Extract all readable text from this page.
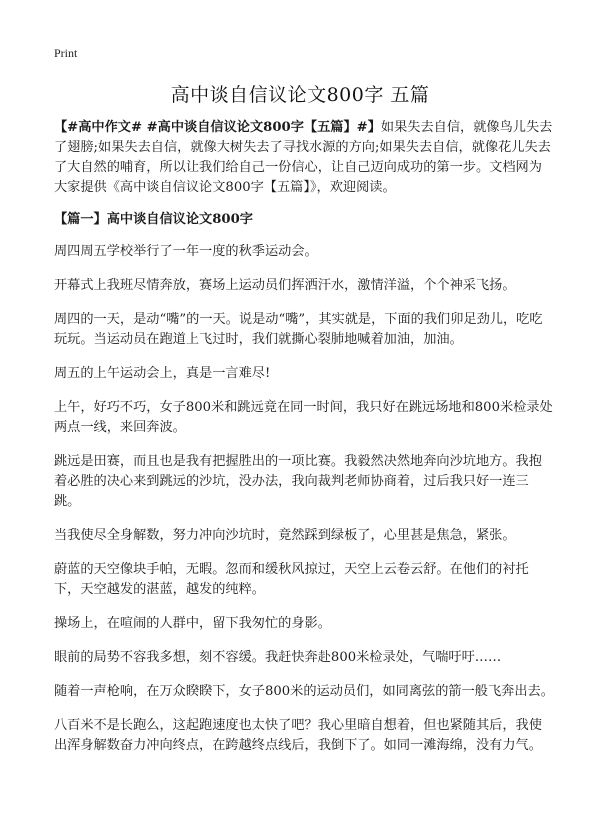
Print
高中谈自信议论文800字 五篇

【#高中作文# #高中谈自信议论文800字【五篇】#】如果失去自信，就像鸟儿失去了翅膀;如果失去自信，就像大树失去了寻找水源的方向;如果失去自信，就像花儿失去了大自然的哺育，所以让我们给自己一份信心，让自己迈向成功的第一步。文档网为大家提供《高中谈自信议论文800字【五篇】》，欢迎阅读。

【篇一】高中谈自信议论文800字

周四周五学校举行了一年一度的秋季运动会。

开幕式上我班尽情奔放，赛场上运动员们挥洒汗水，激情洋溢，个个神采飞扬。

周四的一天，是动“嘴”的一天。说是动“嘴”，其实就是，下面的我们卯足劲儿，吃吃玩玩。当运动员在跑道上飞过时，我们就撕心裂肺地喊着加油，加油。

周五的上午运动会上，真是一言难尽!

上午，好巧不巧，女子800米和跳远竟在同一时间，我只好在跳远场地和800米检录处两点一线，来回奔波。

跳远是田赛，而且也是我有把握胜出的一项比赛。我毅然决然地奔向沙坑地方。我抱着必胜的决心来到跳远的沙坑，没办法，我向裁判老师协商着，过后我只好一连三跳。

当我使尽全身解数，努力冲向沙坑时，竟然踩到绿板了，心里甚是焦急，紧张。

蔚蓝的天空像块手帕，无暇。忽而和缓秋风掠过，天空上云卷云舒。在他们的衬托下，天空越发的湛蓝，越发的纯粹。

操场上，在喧闹的人群中，留下我匆忙的身影。

眼前的局势不容我多想，刻不容缓。我赶快奔赴800米检录处，气喘吁吁……

随着一声枪响，在万众睽睽下，女子800米的运动员们，如同离弦的箭一般飞奔出去。

八百米不是长跑么，这起跑速度也太快了吧？我心里暗自想着，但也紧随其后，我使出浑身解数奋力冲向终点，在跨越终点线后，我倒下了。如同一滩海绵，没有力气。
